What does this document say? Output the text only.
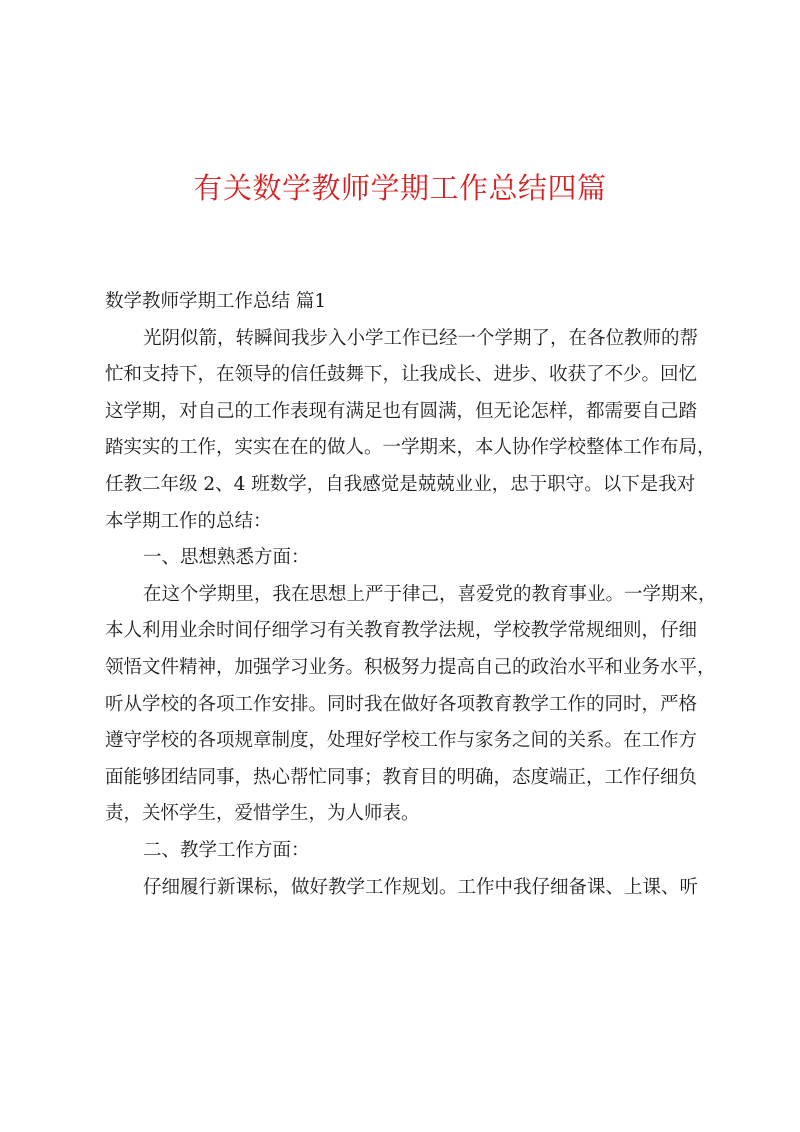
有关数学教师学期工作总结四篇
数学教师学期工作总结 篇1
光阴似箭，转瞬间我步入小学工作已经一个学期了，在各位教师的帮
忙和支持下，在领导的信任鼓舞下，让我成长、进步、收获了不少。回忆
这学期，对自己的工作表现有满足也有圆满，但无论怎样，都需要自己踏
踏实实的工作，实实在在的做人。一学期来，本人协作学校整体工作布局，
任教二年级 2、4 班数学，自我感觉是兢兢业业，忠于职守。以下是我对
本学期工作的总结：
一、思想熟悉方面：
在这个学期里，我在思想上严于律己，喜爱党的教育事业。一学期来，
本人利用业余时间仔细学习有关教育教学法规，学校教学常规细则，仔细
领悟文件精神，加强学习业务。积极努力提高自己的政治水平和业务水平，
听从学校的各项工作安排。同时我在做好各项教育教学工作的同时，严格
遵守学校的各项规章制度，处理好学校工作与家务之间的关系。在工作方
面能够团结同事，热心帮忙同事；教育目的明确，态度端正，工作仔细负
责，关怀学生，爱惜学生，为人师表。
二、教学工作方面：
仔细履行新课标，做好教学工作规划。工作中我仔细备课、上课、听
